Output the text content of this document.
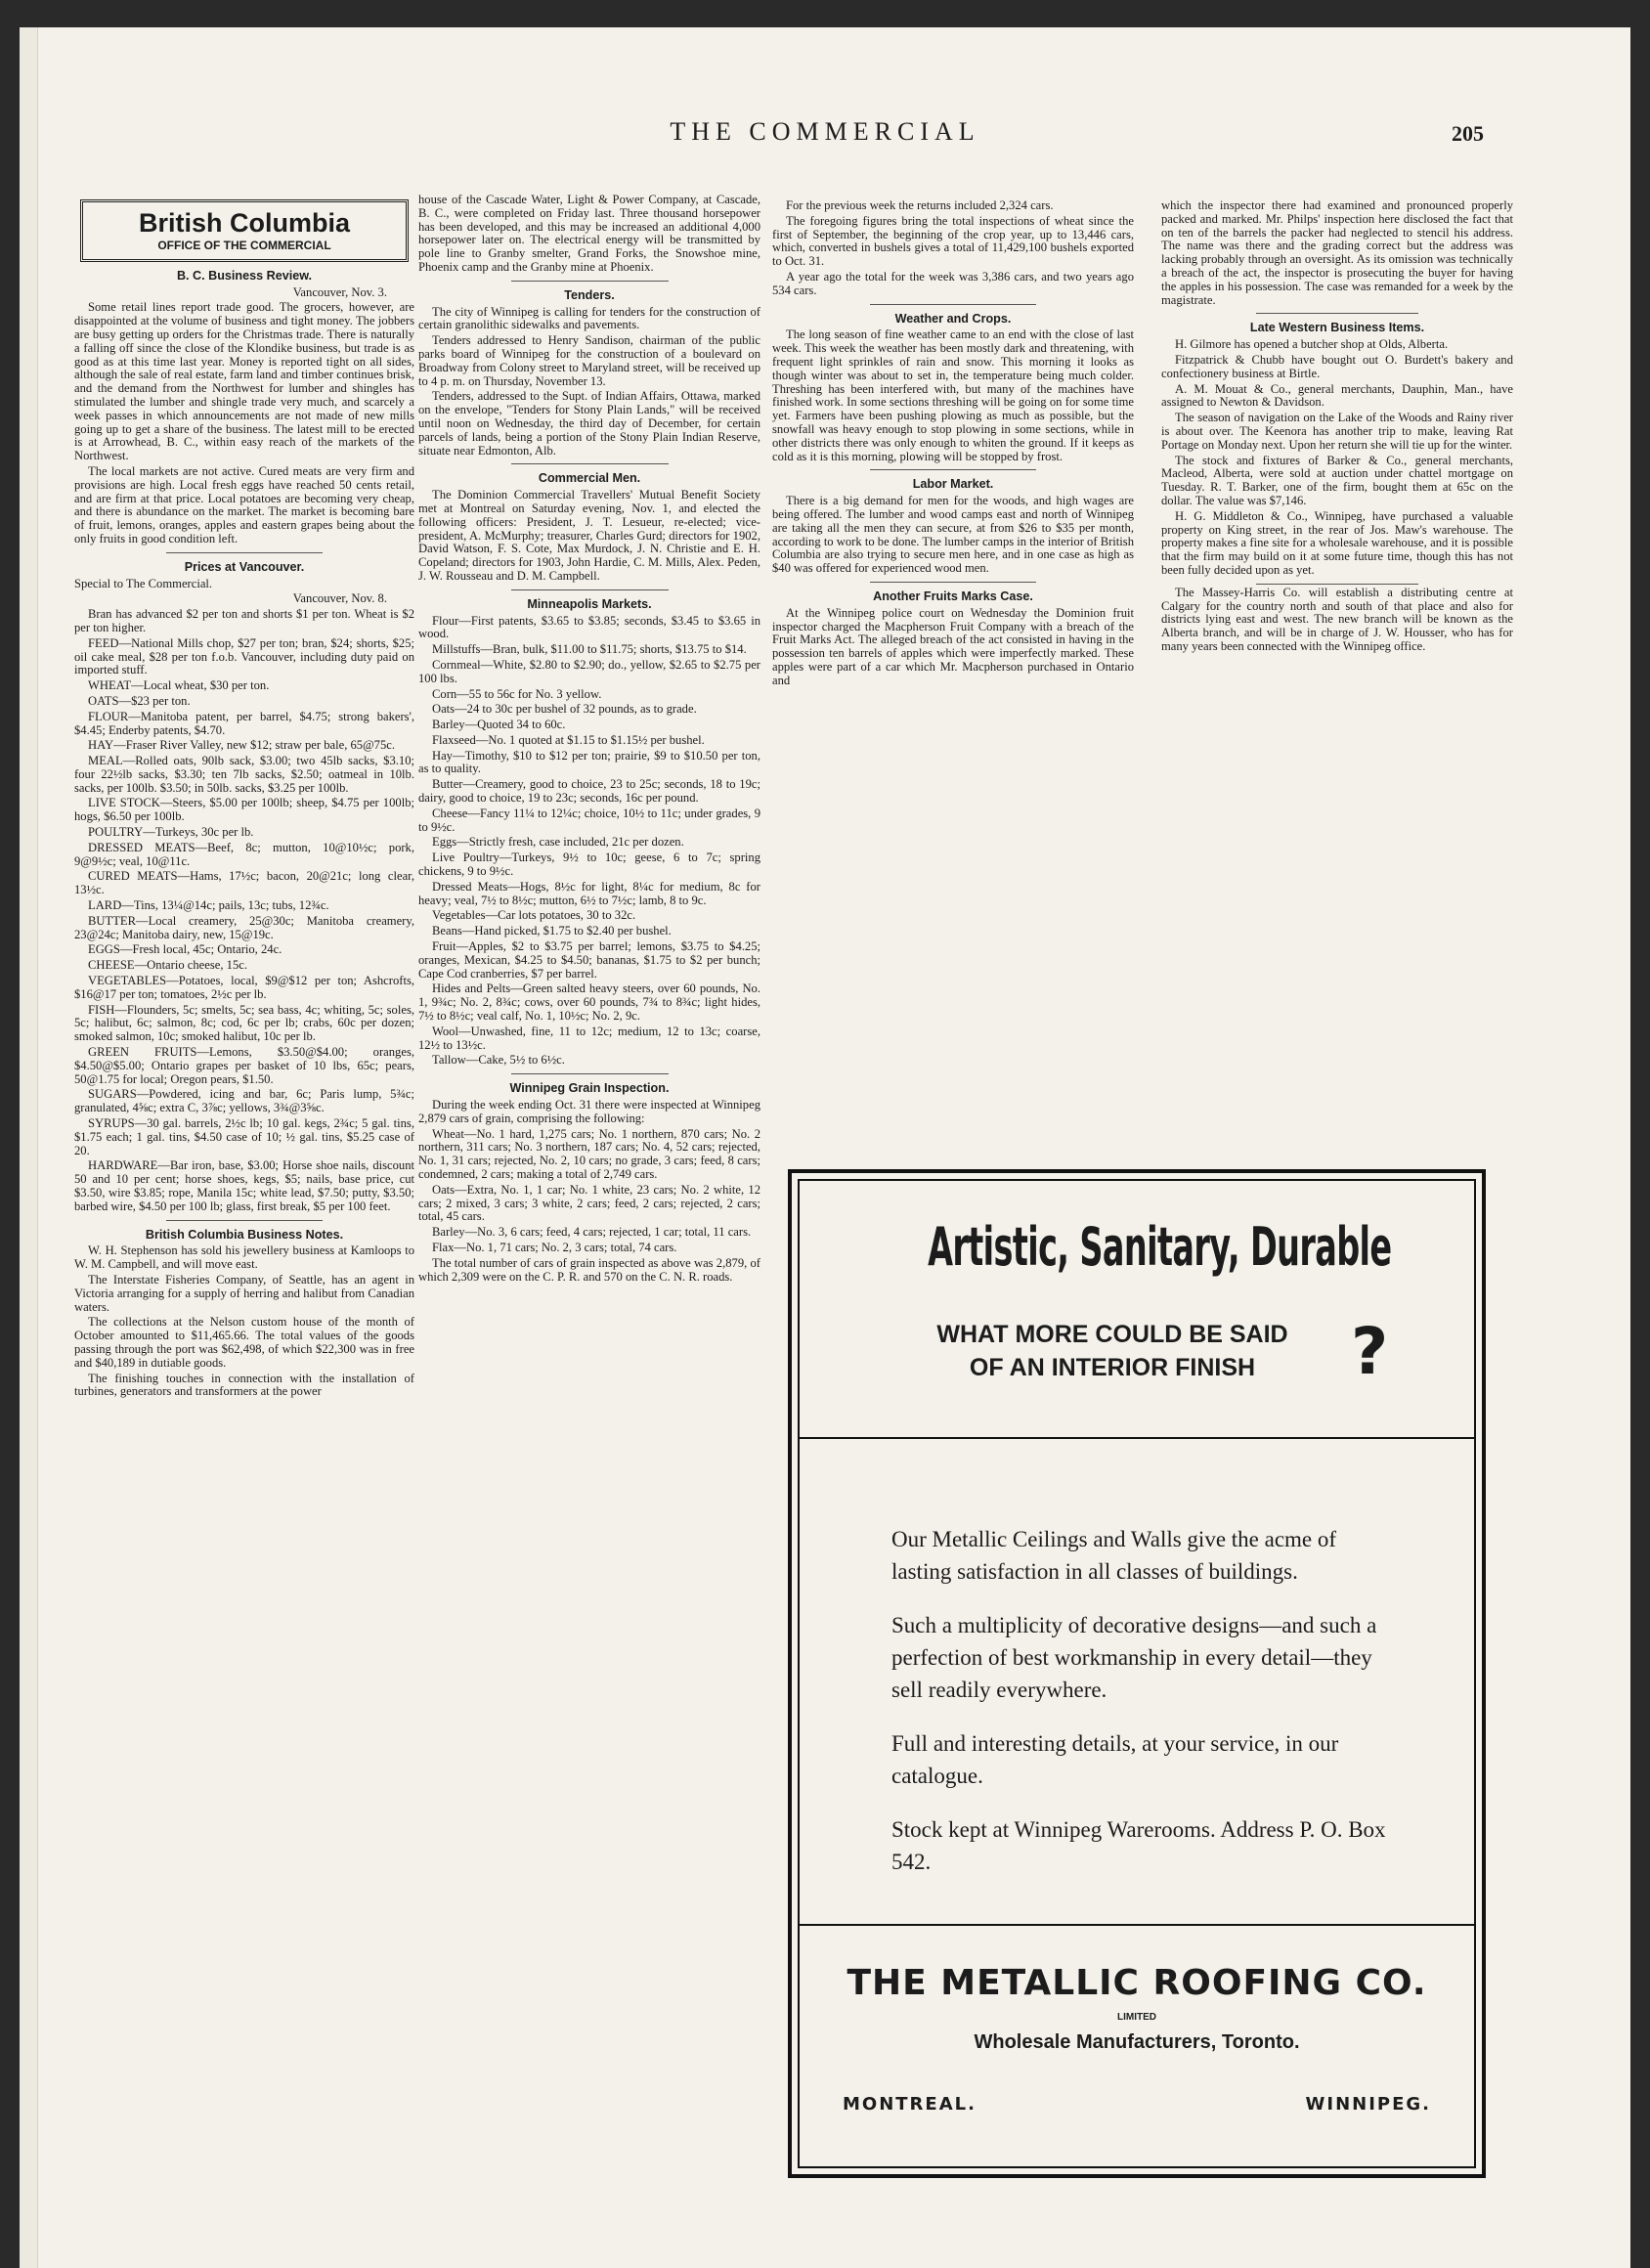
THE COMMERCIAL	205
British Columbia
OFFICE OF THE COMMERCIAL
B. C. Business Review.

Vancouver, Nov. 3.

Some retail lines report trade good. The grocers, however, are disappointed at the volume of business and tight money. The jobbers are busy getting up orders for the Christmas trade. There is naturally a falling off since the close of the Klondike business, but trade is as good as at this time last year. Money is reported tight on all sides, although the sale of real estate, farm land and timber continues brisk, and the demand from the Northwest for lumber and shingles has stimulated the lumber and shingle trade very much, and scarcely a week passes in which announcements are not made of new mills going up to get a share of the business. The latest mill to be erected is at Arrowhead, B. C., within easy reach of the markets of the Northwest.

The local markets are not active. Cured meats are very firm and provisions are high. Local fresh eggs have reached 50 cents retail, and are firm at that price. Local potatoes are becoming very cheap, and there is abundance on the market. The market is becoming bare of fruit, lemons, oranges, apples and eastern grapes being about the only fruits in good condition left.

Prices at Vancouver.

Special to The Commercial.

Vancouver, Nov. 8.

Bran has advanced $2 per ton and shorts $1 per ton. Wheat is $2 per ton higher.

FEED—National Mills chop, $27 per ton; bran, $24; shorts, $25; oil cake meal, $28 per ton f.o.b. Vancouver, including duty paid on imported stuff.

WHEAT—Local wheat, $30 per ton.

OATS—$23 per ton.

FLOUR—Manitoba patent, per barrel, $4.75; strong bakers', $4.45; Enderby patents, $4.70.

HAY—Fraser River Valley, new $12; straw per bale, 65@75c.

MEAL—Rolled oats, 90lb sack, $3.00; two 45lb sacks, $3.10; four 22½lb sacks, $3.30; ten 7lb sacks, $2.50; oatmeal in 10lb. sacks, per 100lb. $3.50; in 50lb. sacks, $3.25 per 100lb.

LIVE STOCK—Steers, $5.00 per 100lb; sheep, $4.75 per 100lb; hogs, $6.50 per 100lb.

POULTRY—Turkeys, 30c per lb.

DRESSED MEATS—Beef, 8c; mutton, 10@10½c; pork, 9@9½c; veal, 10@11c.

CURED MEATS—Hams, 17½c; bacon, 20@21c; long clear, 13½c.

LARD—Tins, 13¼@14c; pails, 13c; tubs, 12¾c.

BUTTER—Local creamery, 25@30c; Manitoba creamery, 23@24c; Manitoba dairy, new, 15@19c.

EGGS—Fresh local, 45c; Ontario, 24c.

CHEESE—Ontario cheese, 15c.

VEGETABLES—Potatoes, local, $9@$12 per ton; Ashcrofts, $16@17 per ton; tomatoes, 2½c per lb.

FISH—Flounders, 5c; smelts, 5c; sea bass, 4c; whiting, 5c; soles, 5c; halibut, 6c; salmon, 8c; cod, 6c per lb; crabs, 60c per dozen; smoked salmon, 10c; smoked halibut, 10c per lb.

GREEN FRUITS—Lemons, $3.50@$4.00; oranges, $4.50@$5.00; Ontario grapes per basket of 10 lbs, 65c; pears, 50@1.75 for local; Oregon pears, $1.50.

SUGARS—Powdered, icing and bar, 6c; Paris lump, 5¾c; granulated, 4⅝c; extra C, 3⅞c; yellows, 3¾@3⅝c.

SYRUPS—30 gal. barrels, 2½c lb; 10 gal. kegs, 2¾c; 5 gal. tins, $1.75 each; 1 gal. tins, $4.50 case of 10; ½ gal. tins, $5.25 case of 20.

HARDWARE—Bar iron, base, $3.00; Horse shoe nails, discount 50 and 10 per cent; horse shoes, kegs, $5; nails, base price, cut $3.50, wire $3.85; rope, Manila 15c; white lead, $7.50; putty, $3.50; barbed wire, $4.50 per 100 lb; glass, first break, $5 per 100 feet.

British Columbia Business Notes.

W. H. Stephenson has sold his jewellery business at Kamloops to W. M. Campbell, and will move east.

The Interstate Fisheries Company, of Seattle, has an agent in Victoria arranging for a supply of herring and halibut from Canadian waters.

The collections at the Nelson custom house of the month of October amounted to $11,465.66. The total values of the goods passing through the port was $62,498, of which $22,300 was in free and $40,189 in dutiable goods.

The finishing touches in connection with the installation of turbines, generators and transformers at the power

house of the Cascade Water, Light & Power Company, at Cascade, B. C., were completed on Friday last. Three thousand horsepower has been developed, and this may be increased an additional 4,000 horsepower later on. The electrical energy will be transmitted by pole line to Granby smelter, Grand Forks, the Snowshoe mine, Phoenix camp and the Granby mine at Phoenix.

Tenders.

The city of Winnipeg is calling for tenders for the construction of certain granolithic sidewalks and pavements.

Tenders addressed to Henry Sandison, chairman of the public parks board of Winnipeg for the construction of a boulevard on Broadway from Colony street to Maryland street, will be received up to 4 p. m. on Thursday, November 13.

Tenders, addressed to the Supt. of Indian Affairs, Ottawa, marked on the envelope, "Tenders for Stony Plain Lands," will be received until noon on Wednesday, the third day of December, for certain parcels of lands, being a portion of the Stony Plain Indian Reserve, situate near Edmonton, Alb.

Commercial Men.

The Dominion Commercial Travellers' Mutual Benefit Society met at Montreal on Saturday evening, Nov. 1, and elected the following officers: President, J. T. Lesueur, re-elected; vice-president, A. McMurphy; treasurer, Charles Gurd; directors for 1902, David Watson, F. S. Cote, Max Murdock, J. N. Christie and E. H. Copeland; directors for 1903, John Hardie, C. M. Mills, Alex. Peden, J. W. Rousseau and D. M. Campbell.

Minneapolis Markets.

Flour—First patents, $3.65 to $3.85; seconds, $3.45 to $3.65 in wood.

Millstuffs—Bran, bulk, $11.00 to $11.75; shorts, $13.75 to $14.

Cornmeal—White, $2.80 to $2.90; do., yellow, $2.65 to $2.75 per 100 lbs.

Corn—55 to 56c for No. 3 yellow.

Oats—24 to 30c per bushel of 32 pounds, as to grade.

Barley—Quoted 34 to 60c.

Flaxseed—No. 1 quoted at $1.15 to $1.15½ per bushel.

Hay—Timothy, $10 to $12 per ton; prairie, $9 to $10.50 per ton, as to quality.

Butter—Creamery, good to choice, 23 to 25c; seconds, 18 to 19c; dairy, good to choice, 19 to 23c; seconds, 16c per pound.

Cheese—Fancy 11¼ to 12¼c; choice, 10½ to 11c; under grades, 9 to 9½c.

Eggs—Strictly fresh, case included, 21c per dozen.

Live Poultry—Turkeys, 9½ to 10c; geese, 6 to 7c; spring chickens, 9 to 9½c.

Dressed Meats—Hogs, 8½c for light, 8¼c for medium, 8c for heavy; veal, 7½ to 8½c; mutton, 6½ to 7½c; lamb, 8 to 9c.

Vegetables—Car lots potatoes, 30 to 32c.

Beans—Hand picked, $1.75 to $2.40 per bushel.

Fruit—Apples, $2 to $3.75 per barrel; lemons, $3.75 to $4.25; oranges, Mexican, $4.25 to $4.50; bananas, $1.75 to $2 per bunch; Cape Cod cranberries, $7 per barrel.

Hides and Pelts—Green salted heavy steers, over 60 pounds, No. 1, 9¾c; No. 2, 8¾c; cows, over 60 pounds, 7¾ to 8¾c; light hides, 7½ to 8½c; veal calf, No. 1, 10½c; No. 2, 9c.

Wool—Unwashed, fine, 11 to 12c; medium, 12 to 13c; coarse, 12½ to 13½c.

Tallow—Cake, 5½ to 6½c.

Winnipeg Grain Inspection.

During the week ending Oct. 31 there were inspected at Winnipeg 2,879 cars of grain, comprising the following:

Wheat—No. 1 hard, 1,275 cars; No. 1 northern, 870 cars; No. 2 northern, 311 cars; No. 3 northern, 187 cars; No. 4, 52 cars; rejected, No. 1, 31 cars; rejected, No. 2, 10 cars; no grade, 3 cars; feed, 8 cars; condemned, 2 cars; making a total of 2,749 cars.

Oats—Extra, No. 1, 1 car; No. 1 white, 23 cars; No. 2 white, 12 cars; 2 mixed, 3 cars; 3 white, 2 cars; feed, 2 cars; rejected, 2 cars; total, 45 cars.

Barley—No. 3, 6 cars; feed, 4 cars; rejected, 1 car; total, 11 cars.

Flax—No. 1, 71 cars; No. 2, 3 cars; total, 74 cars.

The total number of cars of grain inspected as above was 2,879, of which 2,309 were on the C. P. R. and 570 on the C. N. R. roads.

For the previous week the returns included 2,324 cars.

The foregoing figures bring the total inspections of wheat since the first of September, the beginning of the crop year, up to 13,446 cars, which, converted in bushels gives a total of 11,429,100 bushels exported to Oct. 31.

A year ago the total for the week was 3,386 cars, and two years ago 534 cars.

Weather and Crops.

The long season of fine weather came to an end with the close of last week. This week the weather has been mostly dark and threatening, with frequent light sprinkles of rain and snow. This morning it looks as though winter was about to set in, the temperature being much colder. Threshing has been interfered with, but many of the machines have finished work. In some sections threshing will be going on for some time yet. Farmers have been pushing plowing as much as possible, but the snowfall was heavy enough to stop plowing in some sections, while in other districts there was only enough to whiten the ground. If it keeps as cold as it is this morning, plowing will be stopped by frost.

Labor Market.

There is a big demand for men for the woods, and high wages are being offered. The lumber and wood camps east and north of Winnipeg are taking all the men they can secure, at from $26 to $35 per month, according to work to be done. The lumber camps in the interior of British Columbia are also trying to secure men here, and in one case as high as $40 was offered for experienced wood men.

Another Fruits Marks Case.

At the Winnipeg police court on Wednesday the Dominion fruit inspector charged the Macpherson Fruit Company with a breach of the Fruit Marks Act. The alleged breach of the act consisted in having in the possession ten barrels of apples which were imperfectly marked. These apples were part of a car which Mr. Macpherson purchased in Ontario and

which the inspector there had examined and pronounced properly packed and marked. Mr. Philps' inspection here disclosed the fact that on ten of the barrels the packer had neglected to stencil his address. The name was there and the grading correct but the address was lacking probably through an oversight. As its omission was technically a breach of the act, the inspector is prosecuting the buyer for having the apples in his possession. The case was remanded for a week by the magistrate.

Late Western Business Items.

H. Gilmore has opened a butcher shop at Olds, Alberta.

Fitzpatrick & Chubb have bought out O. Burdett's bakery and confectionery business at Birtle.

A. M. Mouat & Co., general merchants, Dauphin, Man., have assigned to Newton & Davidson.

The season of navigation on the Lake of the Woods and Rainy river is about over. The Keenora has another trip to make, leaving Rat Portage on Monday next. Upon her return she will tie up for the winter.

The stock and fixtures of Barker & Co., general merchants, Macleod, Alberta, were sold at auction under chattel mortgage on Tuesday. R. T. Barker, one of the firm, bought them at 65c on the dollar. The value was $7,146.

H. G. Middleton & Co., Winnipeg, have purchased a valuable property on King street, in the rear of Jos. Maw's warehouse. The property makes a fine site for a wholesale warehouse, and it is possible that the firm may build on it at some future time, though this has not been fully decided upon as yet.

The Massey-Harris Co. will establish a distributing centre at Calgary for the country north and south of that place and also for districts lying east and west. The new branch will be known as the Alberta branch, and will be in charge of J. W. Housser, who has for many years been connected with the Winnipeg office.

Artistic, Sanitary, Durable
WHAT MORE COULD BE SAID
OF AN INTERIOR FINISH	?

Our Metallic Ceilings and Walls give the acme of lasting satisfaction in all classes of buildings.

Such a multiplicity of decorative designs—and such a perfection of best workmanship in every detail—they sell readily everywhere.

Full and interesting details, at your service, in our catalogue.

Stock kept at Winnipeg Warerooms. Address P. O. Box 542.

THE METALLIC ROOFING CO.
LIMITED
Wholesale Manufacturers, Toronto.
MONTREAL.	WINNIPEG.
